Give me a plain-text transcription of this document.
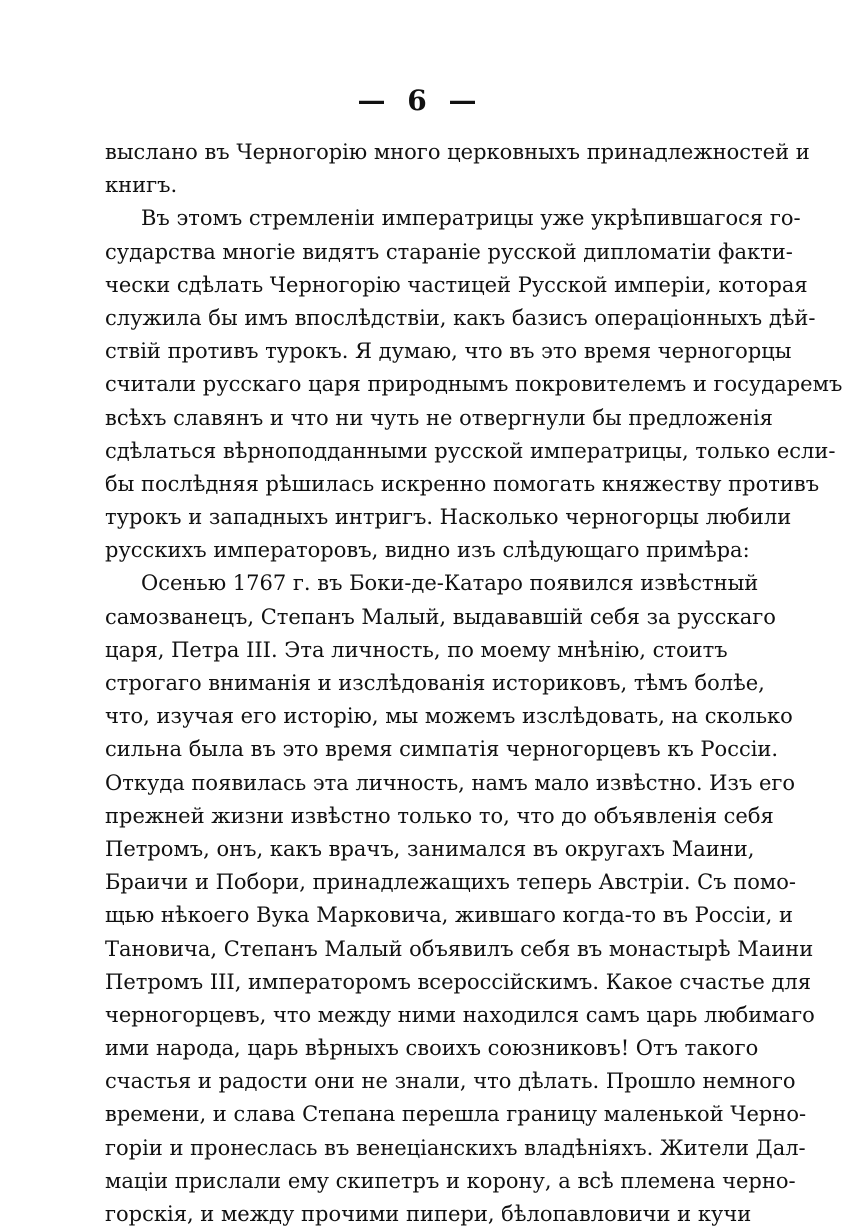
— 6 —
выслано въ Черногорію много церковныхъ принадлежностей и
книгъ.
Въ этомъ стремленіи императрицы уже укрѣпившагося го-
сударства многіе видятъ стараніе русской дипломатіи факти-
чески сдѣлать Черногорію частицей Русской имперіи, которая
служила бы имъ впослѣдствіи, какъ базисъ операціонныхъ дѣй-
ствій противъ турокъ. Я думаю, что въ это время черногорцы
считали русскаго царя природнымъ покровителемъ и государемъ
всѣхъ славянъ и что ни чуть не отвергнули бы предложенія
сдѣлаться вѣрноподданными русской императрицы, только если-
бы послѣдняя рѣшилась искренно помогать княжеству противъ
турокъ и западныхъ интригъ. Насколько черногорцы любили
русскихъ императоровъ, видно изъ слѣдующаго примѣра:
Осенью 1767 г. въ Боки-де-Катаро появился извѣстный
самозванецъ, Степанъ Малый, выдававшій себя за русскаго
царя, Петра III. Эта личность, по моему мнѣнію, стоитъ
строгаго вниманія и изслѣдованія историковъ, тѣмъ болѣе,
что, изучая его исторію, мы можемъ изслѣдовать, на сколько
сильна была въ это время симпатія черногорцевъ къ Россіи.
Откуда появилась эта личность, намъ мало извѣстно. Изъ его
прежней жизни извѣстно только то, что до объявленія себя
Петромъ, онъ, какъ врачъ, занимался въ округахъ Маини,
Браичи и Побори, принадлежащихъ теперь Австріи. Съ помо-
щью нѣкоего Вука Марковича, жившаго когда-то въ Россіи, и
Тановича, Степанъ Малый объявилъ себя въ монастырѣ Маини
Петромъ III, императоромъ всероссійскимъ. Какое счастье для
черногорцевъ, что между ними находился самъ царь любимаго
ими народа, царь вѣрныхъ своихъ союзниковъ! Отъ такого
счастья и радости они не знали, что дѣлать. Прошло немного
времени, и слава Степана перешла границу маленькой Черно-
горіи и пронеслась въ венеціанскихъ владѣніяхъ. Жители Дал-
маціи прислали ему скипетръ и корону, а всѣ племена черно-
горскія, и между прочими пипери, бѣлопавловичи и кучи
